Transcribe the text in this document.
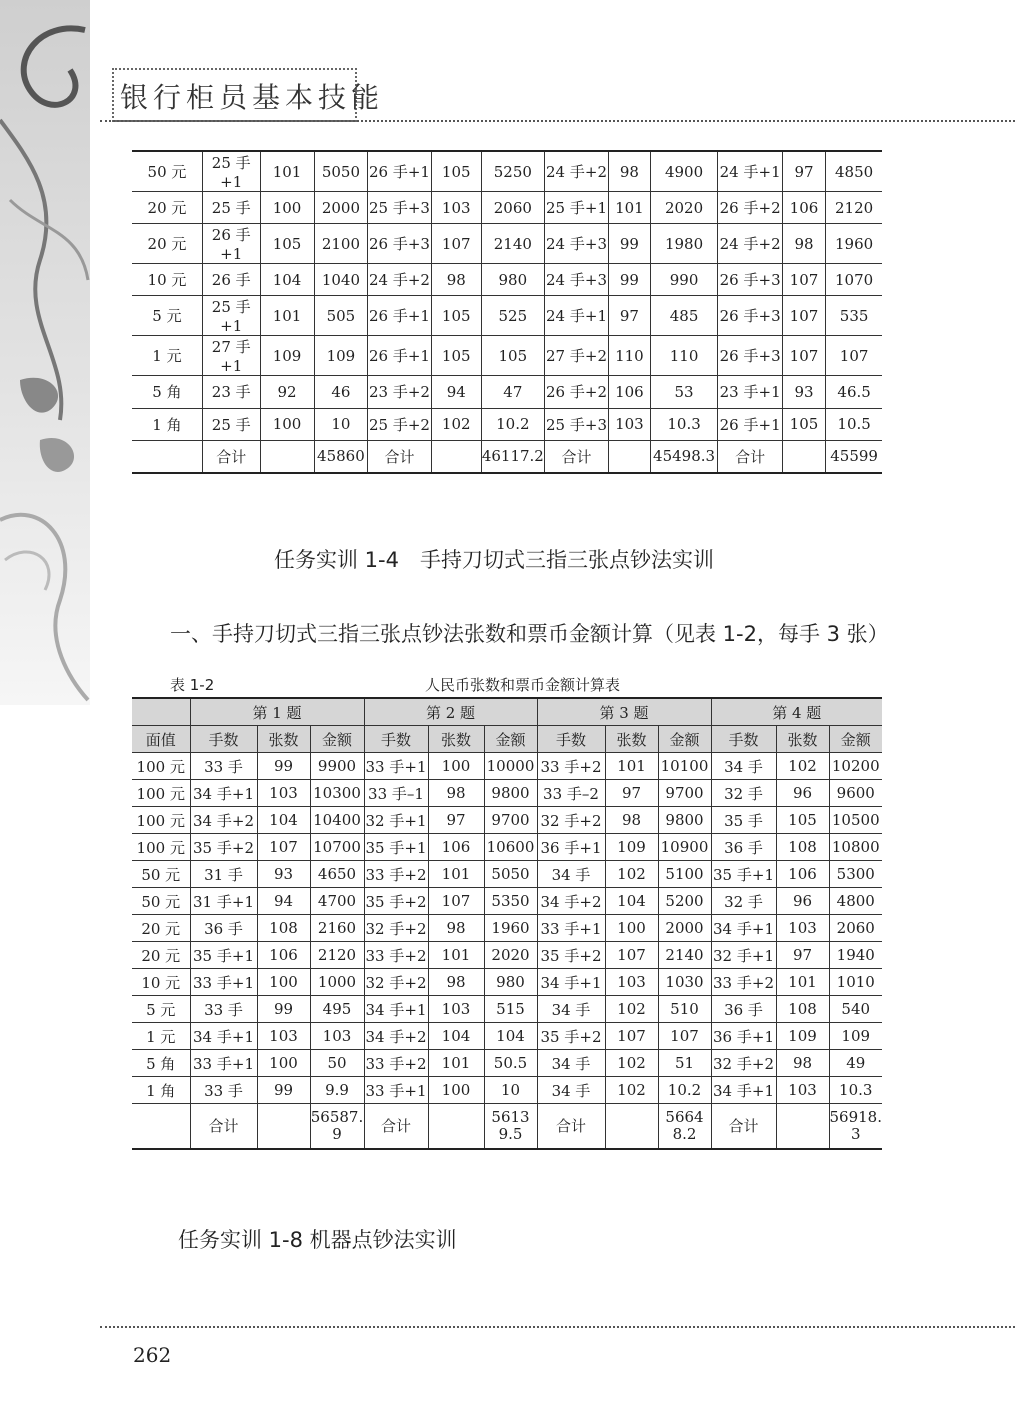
银行柜员基本技能
50 元	25 手+1	101	5050	26 手+1	105	5250	24 手+2	98	4900	24 手+1	97	4850
20 元	25 手	100	2000	25 手+3	103	2060	25 手+1	101	2020	26 手+2	106	2120
20 元	26 手+1	105	2100	26 手+3	107	2140	24 手+3	99	1980	24 手+2	98	1960
10 元	26 手	104	1040	24 手+2	98	980	24 手+3	99	990	26 手+3	107	1070
5 元	25 手+1	101	505	26 手+1	105	525	24 手+1	97	485	26 手+3	107	535
1 元	27 手+1	109	109	26 手+1	105	105	27 手+2	110	110	26 手+3	107	107
5 角	23 手	92	46	23 手+2	94	47	26 手+2	106	53	23 手+1	93	46.5
1 角	25 手	100	10	25 手+2	102	10.2	25 手+3	103	10.3	26 手+1	105	10.5
	合计		45860	合计		46117.2	合计		45498.3	合计		45599
任务实训 1-4　手持刀切式三指三张点钞法实训
一、手持刀切式三指三张点钞法张数和票币金额计算（见表 1-2，每手 3 张）
表 1-2	人民币张数和票币金额计算表
	第 1 题			第 2 题			第 3 题			第 4 题		
面值	手数	张数	金额	手数	张数	金额	手数	张数	金额	手数	张数	金额
100 元	33 手	99	9900	33 手+1	100	10000	33 手+2	101	10100	34 手	102	10200
100 元	34 手+1	103	10300	33 手–1	98	9800	33 手–2	97	9700	32 手	96	9600
100 元	34 手+2	104	10400	32 手+1	97	9700	32 手+2	98	9800	35 手	105	10500
100 元	35 手+2	107	10700	35 手+1	106	10600	36 手+1	109	10900	36 手	108	10800
50 元	31 手	93	4650	33 手+2	101	5050	34 手	102	5100	35 手+1	106	5300
50 元	31 手+1	94	4700	35 手+2	107	5350	34 手+2	104	5200	32 手	96	4800
20 元	36 手	108	2160	32 手+2	98	1960	33 手+1	100	2000	34 手+1	103	2060
20 元	35 手+1	106	2120	33 手+2	101	2020	35 手+2	107	2140	32 手+1	97	1940
10 元	33 手+1	100	1000	32 手+2	98	980	34 手+1	103	1030	33 手+2	101	1010
5 元	33 手	99	495	34 手+1	103	515	34 手	102	510	36 手	108	540
1 元	34 手+1	103	103	34 手+2	104	104	35 手+2	107	107	36 手+1	109	109
5 角	33 手+1	100	50	33 手+2	101	50.5	34 手	102	51	32 手+2	98	49
1 角	33 手	99	9.9	33 手+1	100	10	34 手	102	10.2	34 手+1	103	10.3
	合计		56587.9	合计		56139.5	合计		56648.2	合计		56918.3
任务实训 1-8 机器点钞法实训
262
